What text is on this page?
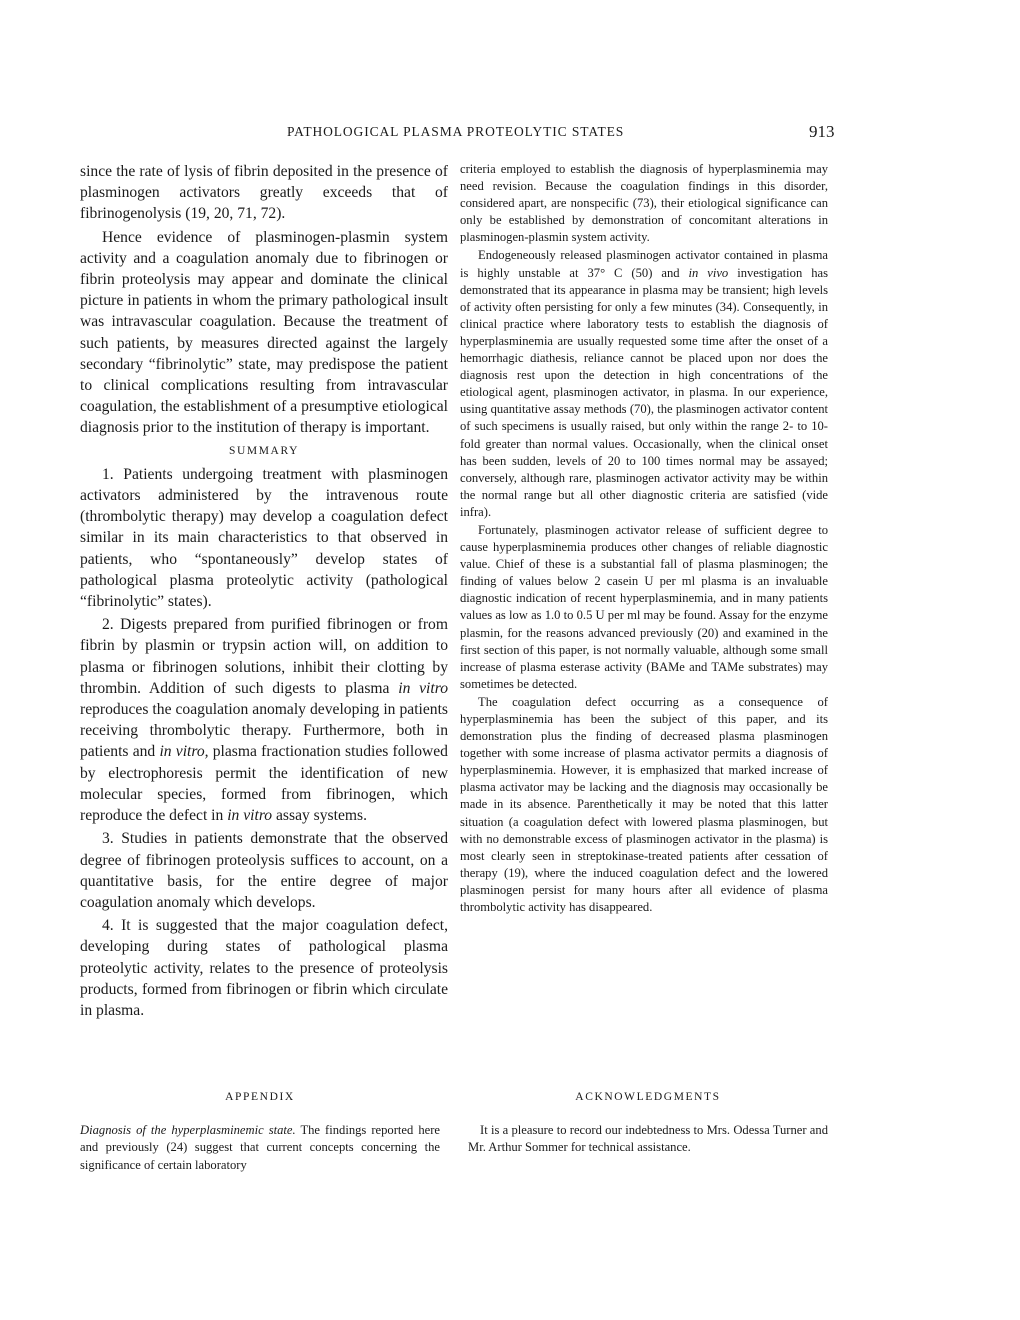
PATHOLOGICAL PLASMA PROTEOLYTIC STATES	913

since the rate of lysis of fibrin deposited in the presence of plasminogen activators greatly exceeds that of fibrinogenolysis (19, 20, 71, 72).

Hence evidence of plasminogen-plasmin system activity and a coagulation anomaly due to fibrinogen or fibrin proteolysis may appear and dominate the clinical picture in patients in whom the primary pathological insult was intravascular coagulation. Because the treatment of such patients, by measures directed against the largely secondary “fibrinolytic” state, may predispose the patient to clinical complications resulting from intravascular coagulation, the establishment of a presumptive etiological diagnosis prior to the institution of therapy is important.

SUMMARY

1. Patients undergoing treatment with plasminogen activators administered by the intravenous route (thrombolytic therapy) may develop a coagulation defect similar in its main characteristics to that observed in patients, who “spontaneously” develop states of pathological plasma proteolytic activity (pathological “fibrinolytic” states).

2. Digests prepared from purified fibrinogen or from fibrin by plasmin or trypsin action will, on addition to plasma or fibrinogen solutions, inhibit their clotting by thrombin. Addition of such digests to plasma in vitro reproduces the coagulation anomaly developing in patients receiving thrombolytic therapy. Furthermore, both in patients and in vitro, plasma fractionation studies followed by electrophoresis permit the identification of new molecular species, formed from fibrinogen, which reproduce the defect in in vitro assay systems.

3. Studies in patients demonstrate that the observed degree of fibrinogen proteolysis suffices to account, on a quantitative basis, for the entire degree of major coagulation anomaly which develops.

4. It is suggested that the major coagulation defect, developing during states of pathological plasma proteolytic activity, relates to the presence of proteolysis products, formed from fibrinogen or fibrin which circulate in plasma.

criteria employed to establish the diagnosis of hyperplasminemia may need revision. Because the coagulation findings in this disorder, considered apart, are nonspecific (73), their etiological significance can only be established by demonstration of concomitant alterations in plasminogen-plasmin system activity.

Endogeneously released plasminogen activator contained in plasma is highly unstable at 37° C (50) and in vivo investigation has demonstrated that its appearance in plasma may be transient; high levels of activity often persisting for only a few minutes (34). Consequently, in clinical practice where laboratory tests to establish the diagnosis of hyperplasminemia are usually requested some time after the onset of a hemorrhagic diathesis, reliance cannot be placed upon nor does the diagnosis rest upon the detection in high concentrations of the etiological agent, plasminogen activator, in plasma. In our experience, using quantitative assay methods (70), the plasminogen activator content of such specimens is usually raised, but only within the range 2- to 10-fold greater than normal values. Occasionally, when the clinical onset has been sudden, levels of 20 to 100 times normal may be assayed; conversely, although rare, plasminogen activator activity may be within the normal range but all other diagnostic criteria are satisfied (vide infra).

Fortunately, plasminogen activator release of sufficient degree to cause hyperplasminemia produces other changes of reliable diagnostic value. Chief of these is a substantial fall of plasma plasminogen; the finding of values below 2 casein U per ml plasma is an invaluable diagnostic indication of recent hyperplasminemia, and in many patients values as low as 1.0 to 0.5 U per ml may be found. Assay for the enzyme plasmin, for the reasons advanced previously (20) and examined in the first section of this paper, is not normally valuable, although some small increase of plasma esterase activity (BAMe and TAMe substrates) may sometimes be detected.

The coagulation defect occurring as a consequence of hyperplasminemia has been the subject of this paper, and its demonstration plus the finding of decreased plasma plasminogen together with some increase of plasma activator permits a diagnosis of hyperplasminemia. However, it is emphasized that marked increase of plasma activator may be lacking and the diagnosis may occasionally be made in its absence. Parenthetically it may be noted that this latter situation (a coagulation defect with lowered plasma plasminogen, but with no demonstrable excess of plasminogen activator in the plasma) is most clearly seen in streptokinase-treated patients after cessation of therapy (19), where the induced coagulation defect and the lowered plasminogen persist for many hours after all evidence of plasma thrombolytic activity has disappeared.

APPENDIX

Diagnosis of the hyperplasminemic state. The findings reported here and previously (24) suggest that current concepts concerning the significance of certain laboratory

ACKNOWLEDGMENTS

It is a pleasure to record our indebtedness to Mrs. Odessa Turner and Mr. Arthur Sommer for technical assistance.
